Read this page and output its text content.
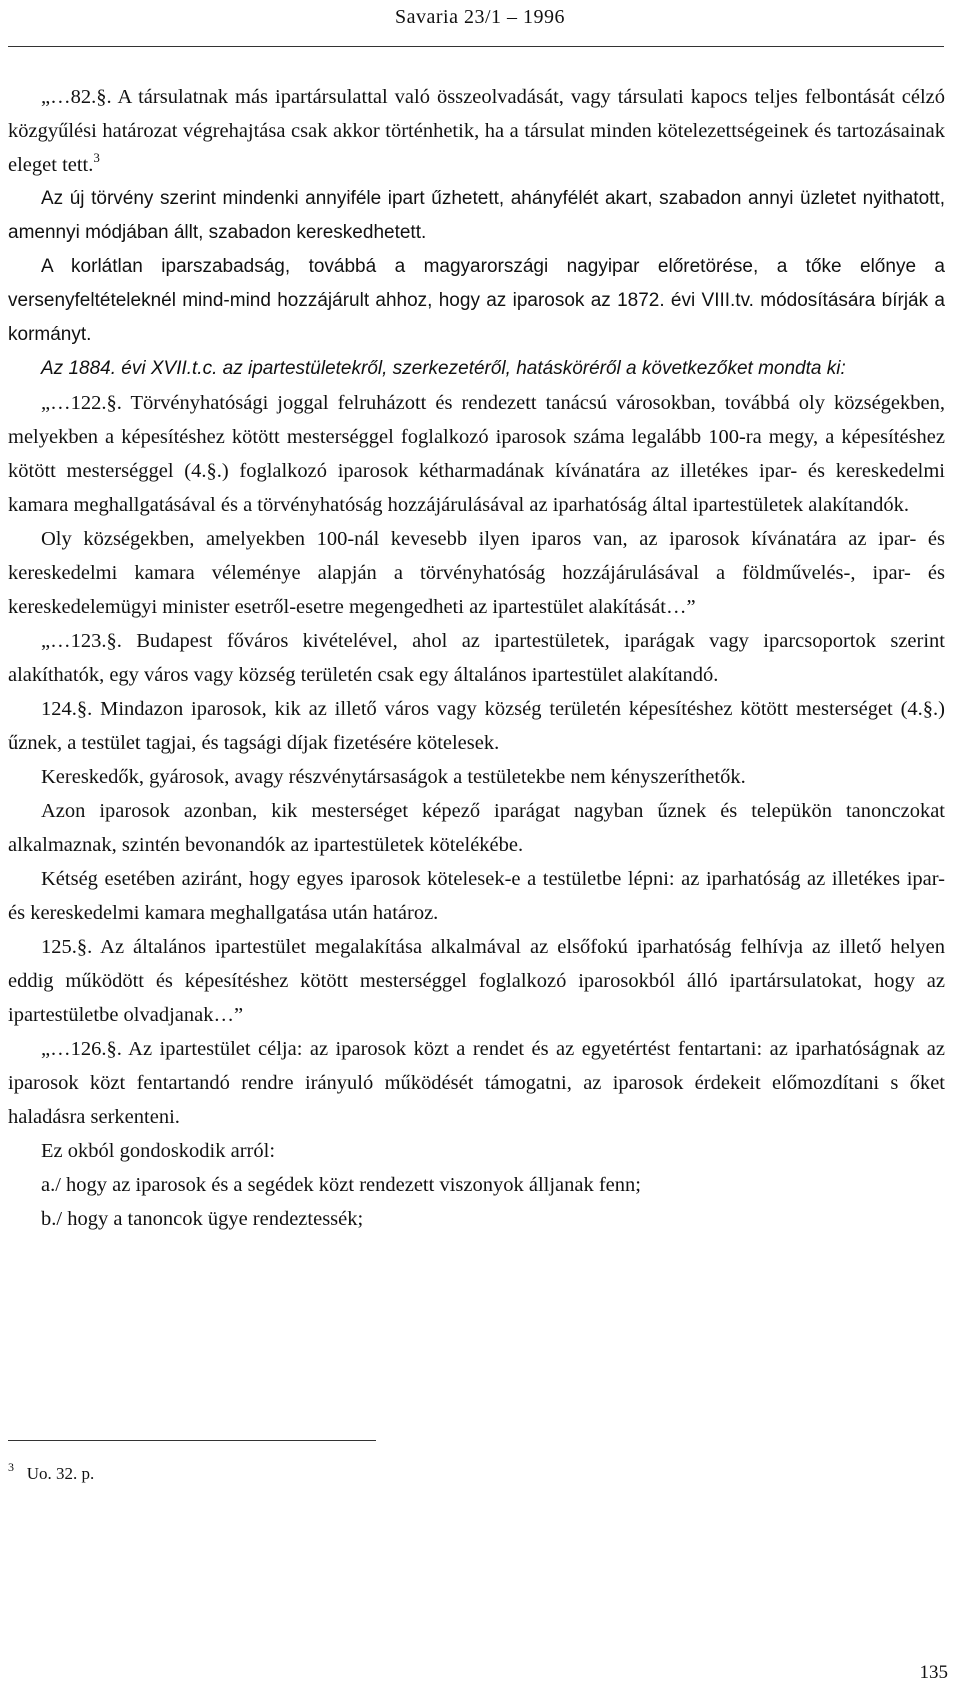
Savaria 23/1 – 1996

„…82.§. A társulatnak más ipartársulattal való összeolvadását, vagy társulati kapocs teljes felbontását célzó közgyűlési határozat végrehajtása csak akkor történhetik, ha a társulat minden kötelezettségeinek és tartozásainak eleget tett.$^3$

Az új törvény szerint mindenki annyiféle ipart űzhetett, ahányfélét akart, szabadon annyi üzletet nyithatott, amennyi módjában állt, szabadon kereskedhetett.

A korlátlan iparszabadság, továbbá a magyarországi nagyipar előretörése, a tőke előnye a versenyfeltételeknél mind-mind hozzájárult ahhoz, hogy az iparosok az 1872. évi VIII.tv. módosítására bírják a kormányt.

Az 1884. évi XVII.t.c. az ipartestületekről, szerkezetéről, hatásköréről a következőket mondta ki:

„…122.§. Törvényhatósági joggal felruházott és rendezett tanácsú városokban, továbbá oly községekben, melyekben a képesítéshez kötött mesterséggel foglalkozó iparosok száma legalább 100-ra megy, a képesítéshez kötött mesterséggel (4.§.) foglalkozó iparosok kétharmadának kívánatára az illetékes ipar- és kereskedelmi kamara meghallgatásával és a törvényhatóság hozzájárulásával az iparhatóság által ipartestületek alakítandók.

Oly községekben, amelyekben 100-nál kevesebb ilyen iparos van, az iparosok kívánatára az ipar- és kereskedelmi kamara véleménye alapján a törvényhatóság hozzájárulásával a földművelés-, ipar- és kereskedelemügyi minister esetről-esetre megengedheti az ipartestület alakítását…”

„…123.§. Budapest főváros kivételével, ahol az ipartestületek, iparágak vagy iparcsoportok szerint alakíthatók, egy város vagy község területén csak egy általános ipartestület alakítandó.

124.§. Mindazon iparosok, kik az illető város vagy község területén képesítéshez kötött mesterséget (4.§.) űznek, a testület tagjai, és tagsági díjak fizetésére kötelesek.

Kereskedők, gyárosok, avagy részvénytársaságok a testületekbe nem kényszeríthetők.

Azon iparosok azonban, kik mesterséget képező iparágat nagyban űznek és telepükön tanonczokat alkalmaznak, szintén bevonandók az ipartestületek kötelékébe.

Kétség esetében aziránt, hogy egyes iparosok kötelesek-e a testületbe lépni: az iparhatóság az illetékes ipar- és kereskedelmi kamara meghallgatása után határoz.

125.§. Az általános ipartestület megalakítása alkalmával az elsőfokú iparhatóság felhívja az illető helyen eddig működött és képesítéshez kötött mesterséggel foglalkozó iparosokból álló ipartársulatokat, hogy az ipartestületbe olvadjanak…”

„…126.§. Az ipartestület célja: az iparosok közt a rendet és az egyetértést fentartani: az iparhatóságnak az iparosok közt fentartandó rendre irányuló működését támogatni, az iparosok érdekeit előmozdítani s őket haladásra serkenteni.

Ez okból gondoskodik arról:

a./ hogy az iparosok és a segédek közt rendezett viszonyok álljanak fenn;
b./ hogy a tanoncok ügye rendeztessék;
$^3$ Uo. 32. p.
135
